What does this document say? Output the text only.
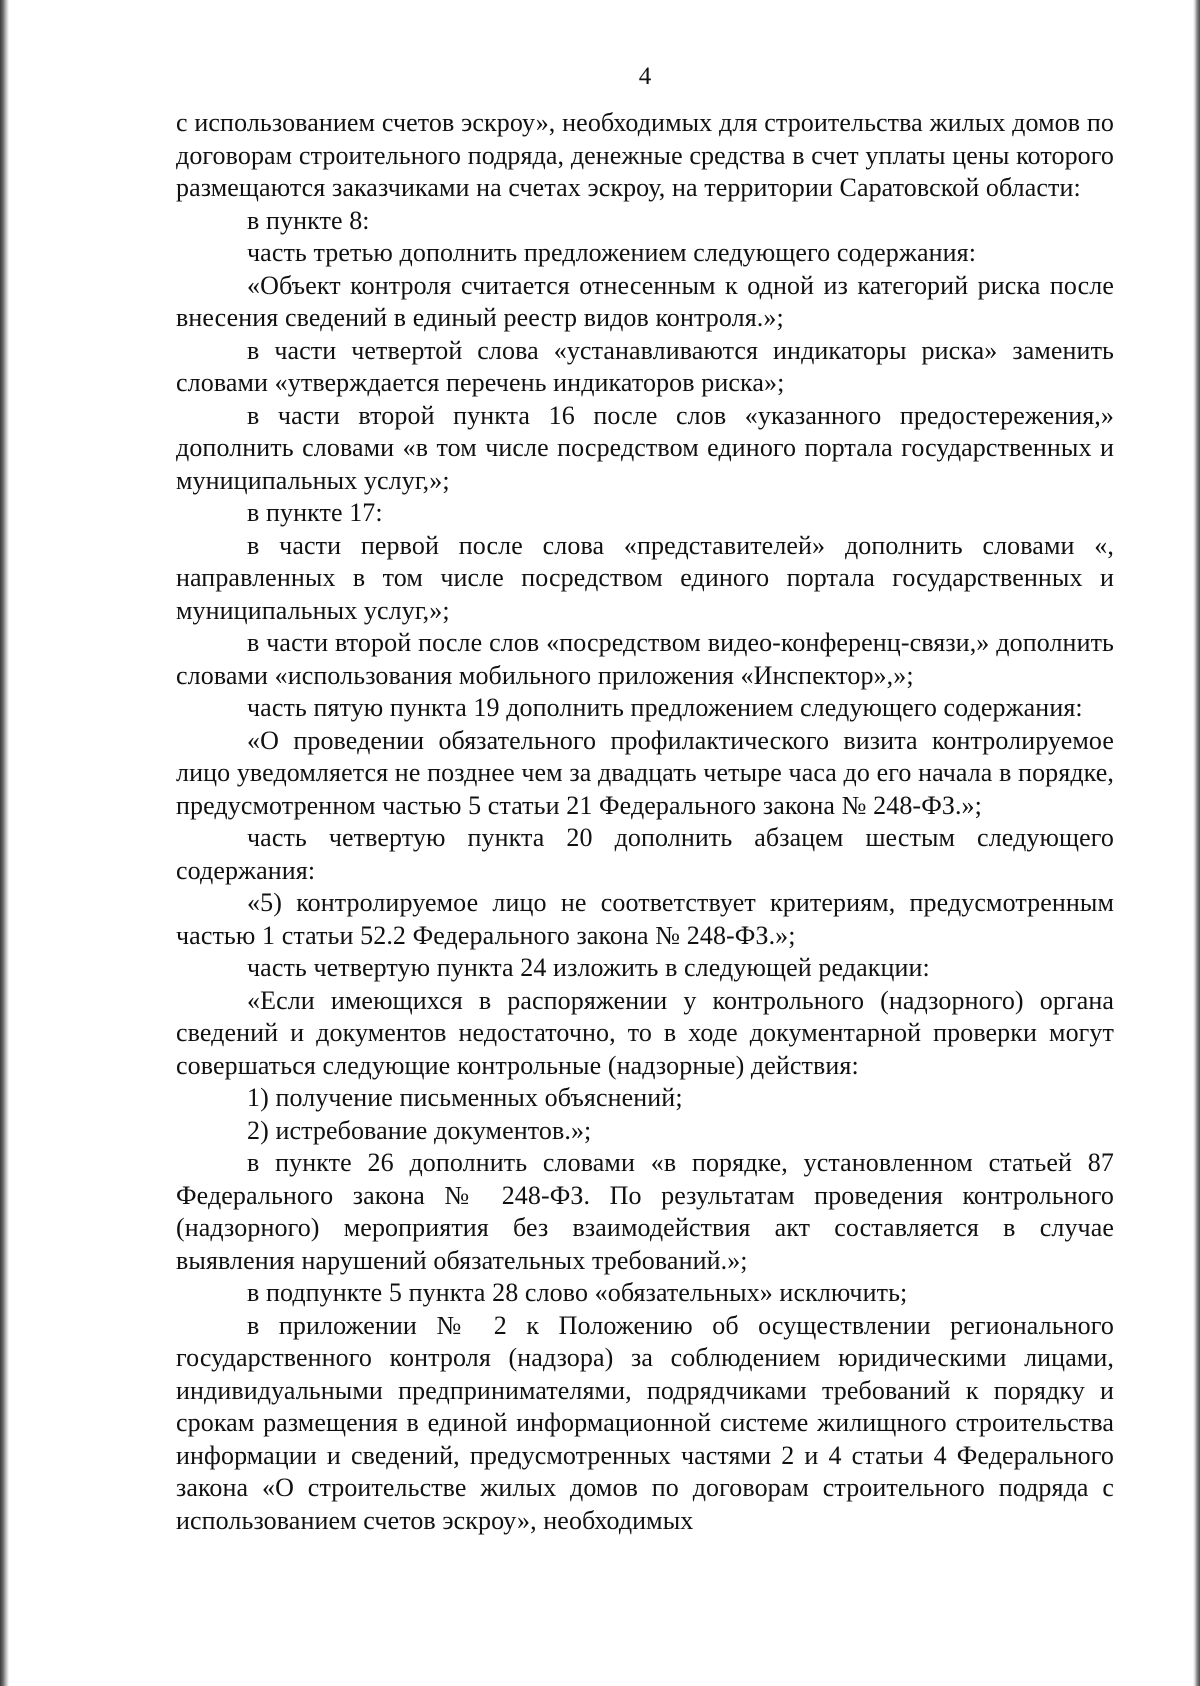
4

с использованием счетов эскроу», необходимых для строительства жилых домов по договорам строительного подряда, денежные средства в счет уплаты цены которого размещаются заказчиками на счетах эскроу, на территории Саратовской области:

в пункте 8:

часть третью дополнить предложением следующего содержания:

«Объект контроля считается отнесенным к одной из категорий риска после внесения сведений в единый реестр видов контроля.»;

в части четвертой слова «устанавливаются индикаторы риска» заменить словами «утверждается перечень индикаторов риска»;

в части второй пункта 16 после слов «указанного предостережения,» дополнить словами «в том числе посредством единого портала государственных и муниципальных услуг,»;

в пункте 17:

в части первой после слова «представителей» дополнить словами «, направленных в том числе посредством единого портала государственных и муниципальных услуг,»;

в части второй после слов «посредством видео-конференц-связи,» дополнить словами «использования мобильного приложения «Инспектор»,»;

часть пятую пункта 19 дополнить предложением следующего содержания:

«О проведении обязательного профилактического визита контролируемое лицо уведомляется не позднее чем за двадцать четыре часа до его начала в порядке, предусмотренном частью 5 статьи 21 Федерального закона № 248-ФЗ.»;

часть четвертую пункта 20 дополнить абзацем шестым следующего содержания:

«5) контролируемое лицо не соответствует критериям, предусмотренным частью 1 статьи 52.2 Федерального закона № 248-ФЗ.»;

часть четвертую пункта 24 изложить в следующей редакции:

«Если имеющихся в распоряжении у контрольного (надзорного) органа сведений и документов недостаточно, то в ходе документарной проверки могут совершаться следующие контрольные (надзорные) действия:

1) получение письменных объяснений;

2) истребование документов.»;

в пункте 26 дополнить словами «в порядке, установленном статьей 87 Федерального закона № 248-ФЗ. По результатам проведения контрольного (надзорного) мероприятия без взаимодействия акт составляется в случае выявления нарушений обязательных требований.»;

в подпункте 5 пункта 28 слово «обязательных» исключить;

в приложении № 2 к Положению об осуществлении регионального государственного контроля (надзора) за соблюдением юридическими лицами, индивидуальными предпринимателями, подрядчиками требований к порядку и срокам размещения в единой информационной системе жилищного строительства информации и сведений, предусмотренных частями 2 и 4 статьи 4 Федерального закона «О строительстве жилых домов по договорам строительного подряда с использованием счетов эскроу», необходимых
